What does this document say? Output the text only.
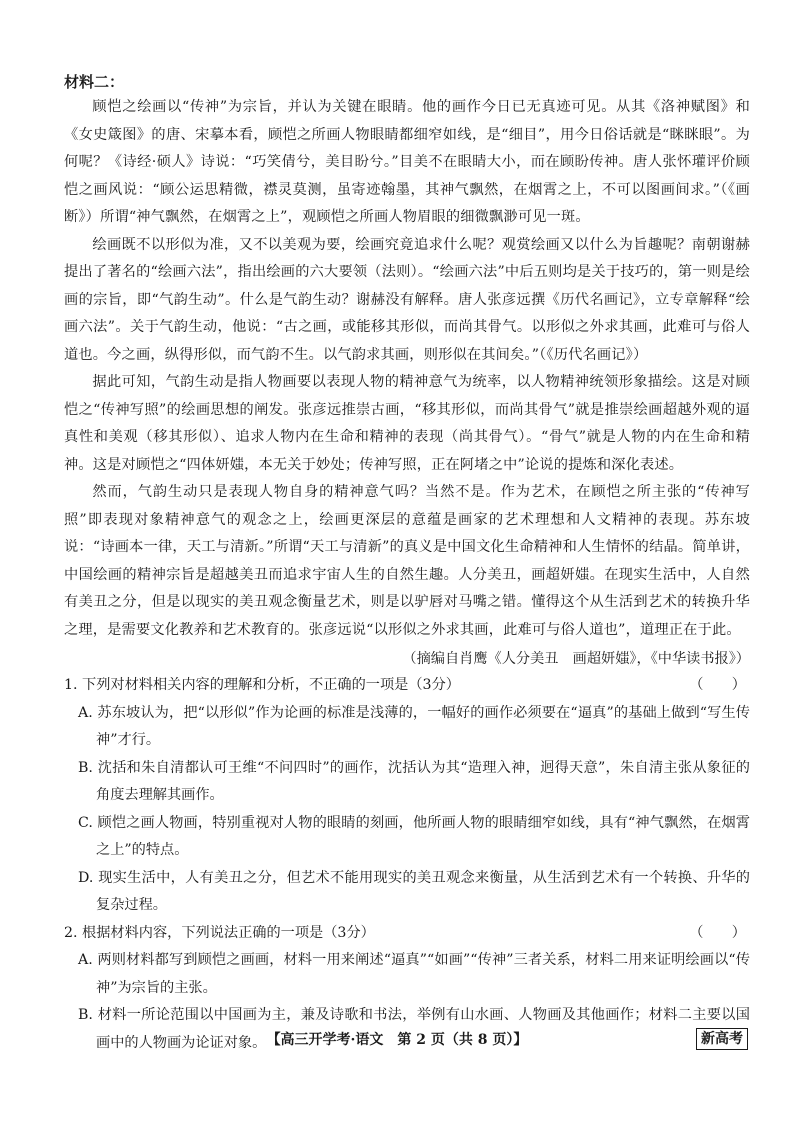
材料二：

顾恺之绘画以“传神”为宗旨，并认为关键在眼睛。他的画作今日已无真迹可见。从其《洛神赋图》和《女史箴图》的唐、宋摹本看，顾恺之所画人物眼睛都细窄如线，是“细目”，用今日俗话就是“眯眯眼”。为何呢？《诗经·硕人》诗说：“巧笑倩兮，美目盼兮。”目美不在眼睛大小，而在顾盼传神。唐人张怀瓘评价顾恺之画风说：“顾公运思精微，襟灵莫测，虽寄迹翰墨，其神气飘然，在烟霄之上，不可以图画间求。”（《画断》）所谓“神气飘然，在烟霄之上”，观顾恺之所画人物眉眼的细微飘渺可见一斑。

绘画既不以形似为准，又不以美观为要，绘画究竟追求什么呢？观赏绘画又以什么为旨趣呢？南朝谢赫提出了著名的“绘画六法”，指出绘画的六大要领（法则）。“绘画六法”中后五则均是关于技巧的，第一则是绘画的宗旨，即“气韵生动”。什么是气韵生动？谢赫没有解释。唐人张彦远撰《历代名画记》，立专章解释“绘画六法”。关于气韵生动，他说：“古之画，或能移其形似，而尚其骨气。以形似之外求其画，此难可与俗人道也。今之画，纵得形似，而气韵不生。以气韵求其画，则形似在其间矣。”（《历代名画记》）

据此可知，气韵生动是指人物画要以表现人物的精神意气为统率，以人物精神统领形象描绘。这是对顾恺之“传神写照”的绘画思想的阐发。张彦远推崇古画，“移其形似，而尚其骨气”就是推崇绘画超越外观的逼真性和美观（移其形似）、追求人物内在生命和精神的表现（尚其骨气）。“骨气”就是人物的内在生命和精神。这是对顾恺之“四体妍媸，本无关于妙处；传神写照，正在阿堵之中”论说的提炼和深化表述。

然而，气韵生动只是表现人物自身的精神意气吗？当然不是。作为艺术，在顾恺之所主张的“传神写照”即表现对象精神意气的观念之上，绘画更深层的意蕴是画家的艺术理想和人文精神的表现。苏东坡说：“诗画本一律，天工与清新。”所谓“天工与清新”的真义是中国文化生命精神和人生情怀的结晶。简单讲，中国绘画的精神宗旨是超越美丑而追求宇宙人生的自然生趣。人分美丑，画超妍媸。在现实生活中，人自然有美丑之分，但是以现实的美丑观念衡量艺术，则是以驴唇对马嘴之错。懂得这个从生活到艺术的转换升华之理，是需要文化教养和艺术教育的。张彦远说“以形似之外求其画，此难可与俗人道也”，道理正在于此。

（摘编自肖鹰《人分美丑　画超妍媸》，《中华读书报》）

1. 下列对材料相关内容的理解和分析，不正确的一项是（3分）	（　　）

A. 苏东坡认为，把“以形似”作为论画的标准是浅薄的，一幅好的画作必须要在“逼真”的基础上做到“写生传神”才行。

B. 沈括和朱自清都认可王维“不问四时”的画作，沈括认为其“造理入神，迥得天意”，朱自清主张从象征的角度去理解其画作。

C. 顾恺之画人物画，特别重视对人物的眼睛的刻画，他所画人物的眼睛细窄如线，具有“神气飘然，在烟霄之上”的特点。

D. 现实生活中，人有美丑之分，但艺术不能用现实的美丑观念来衡量，从生活到艺术有一个转换、升华的复杂过程。

2. 根据材料内容，下列说法正确的一项是（3分）	（　　）

A. 两则材料都写到顾恺之画画，材料一用来阐述“逼真”“如画”“传神”三者关系，材料二用来证明绘画以“传神”为宗旨的主张。

B. 材料一所论范围以中国画为主，兼及诗歌和书法，举例有山水画、人物画及其他画作；材料二主要以国画中的人物画为论证对象。 【高三开学考·语文　第 2 页（共 8 页）】	新高考
